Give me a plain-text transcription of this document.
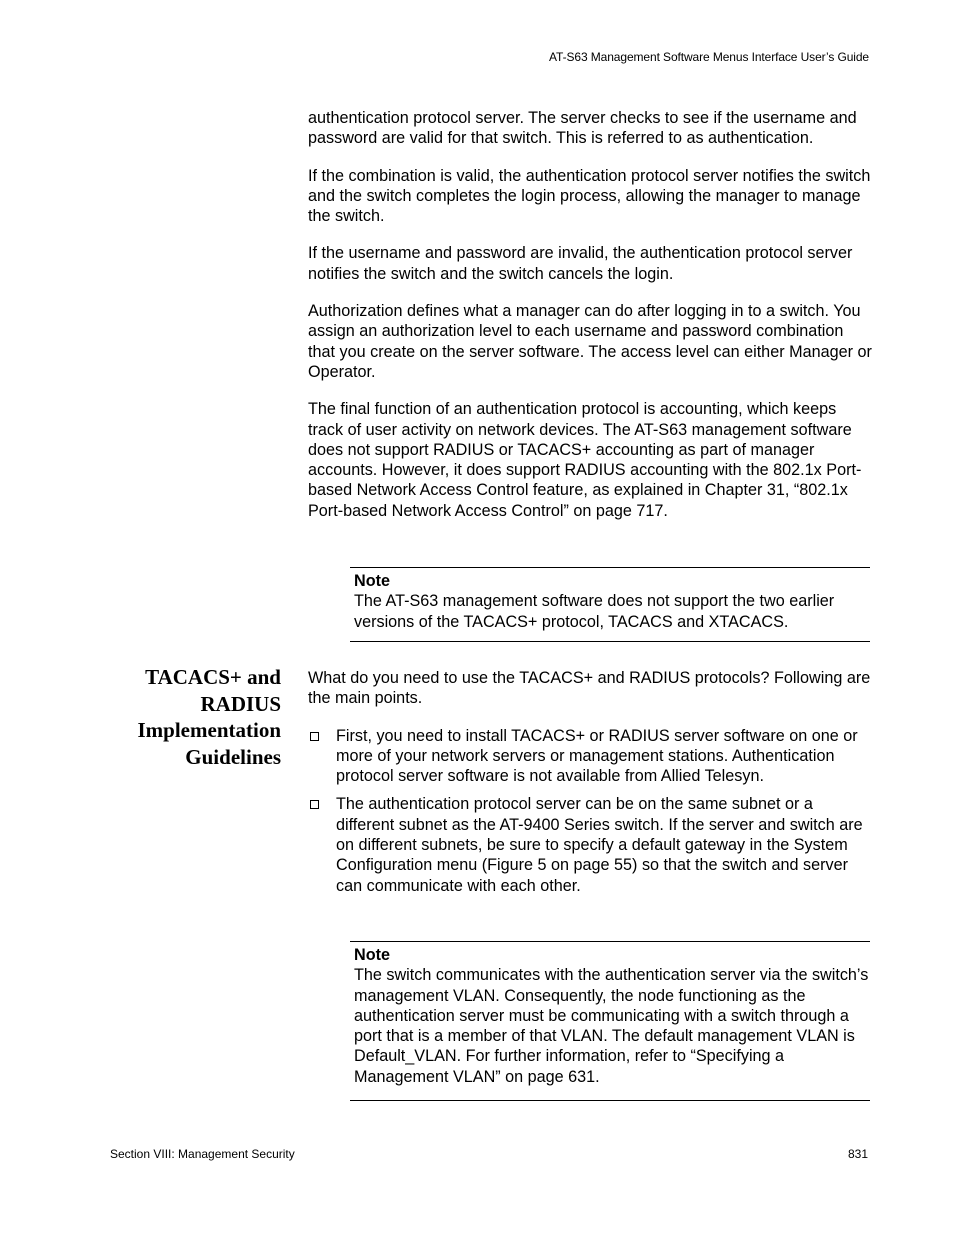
AT-S63 Management Software Menus Interface User’s Guide

authentication protocol server. The server checks to see if the username and password are valid for that switch. This is referred to as authentication.

If the combination is valid, the authentication protocol server notifies the switch and the switch completes the login process, allowing the manager to manage the switch.

If the username and password are invalid, the authentication protocol server notifies the switch and the switch cancels the login.

Authorization defines what a manager can do after logging in to a switch. You assign an authorization level to each username and password combination that you create on the server software. The access level can either Manager or Operator.

The final function of an authentication protocol is accounting, which keeps track of user activity on network devices. The AT-S63 management software does not support RADIUS or TACACS+ accounting as part of manager accounts. However, it does support RADIUS accounting with the 802.1x Port-based Network Access Control feature, as explained in Chapter 31, “802.1x Port-based Network Access Control” on page 717.

Note
The AT-S63 management software does not support the two earlier versions of the TACACS+ protocol, TACACS and XTACACS.
TACACS+ and
RADIUS
Implementation
Guidelines

What do you need to use the TACACS+ and RADIUS protocols? Following are the main points.

First, you need to install TACACS+ or RADIUS server software on one or more of your network servers or management stations. Authentication protocol server software is not available from Allied Telesyn.
The authentication protocol server can be on the same subnet or a different subnet as the AT-9400 Series switch. If the server and switch are on different subnets, be sure to specify a default gateway in the System Configuration menu (Figure 5 on page 55) so that the switch and server can communicate with each other.
Note
The switch communicates with the authentication server via the switch’s management VLAN. Consequently, the node functioning as the authentication server must be communicating with a switch through a port that is a member of that VLAN. The default management VLAN is Default_VLAN. For further information, refer to “Specifying a Management VLAN” on page 631.
Section VIII: Management Security	831
